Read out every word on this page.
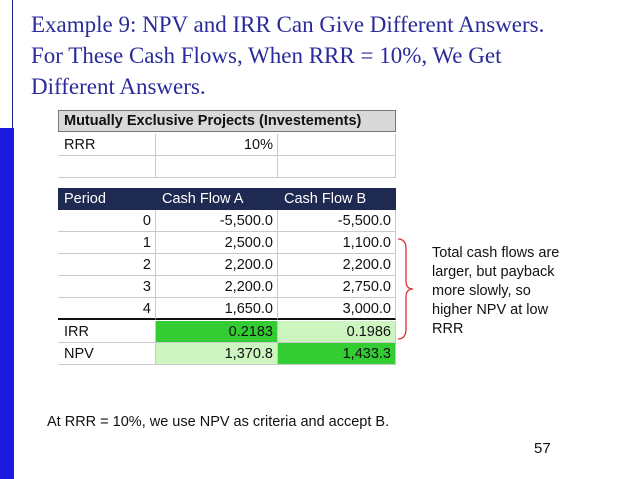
Example 9: NPV and IRR Can Give Different Answers.
For These Cash Flows, When RRR = 10%, We Get
Different Answers.
Mutually Exclusive Projects (Investements)
RRR	10%
Period	Cash Flow A	Cash Flow B
0	-5,500.0	-5,500.0
1	2,500.0	1,100.0
2	2,200.0	2,200.0
3	2,200.0	2,750.0
4	1,650.0	3,000.0
IRR	0.2183	0.1986
NPV	1,370.8	1,433.3

Total cash flows are
larger, but payback
more slowly, so
higher NPV at low
RRR

At RRR = 10%, we use NPV as criteria and accept B.
57
